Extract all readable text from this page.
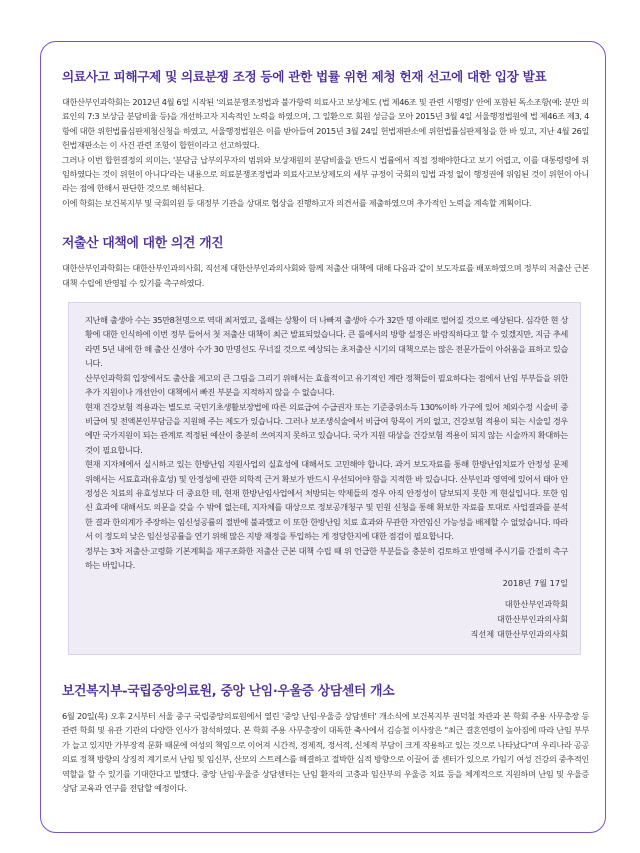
의료사고 피해구제 및 의료분쟁 조정 등에 관한 법률 위헌 제청 헌재 선고에 대한 입장 발표

대한산부인과학회는 2012년 4월 6일 시작된 '의료분쟁조정법과 불가항력 의료사고 보상제도 (법 제46조 및 관련 시행령)' 안에 포함된 독소조항(예: 분만 의료인의 7:3 보상금 분담비율 등)을 개선하고자 지속적인 노력을 하였으며, 그 일환으로 회원 성금을 모아 2015년 3월 4일 서울행정법원에 법 제46조 제3, 4항에 대한 위헌법률심판제청신청을 하였고, 서울행정법원은 이를 받아들여 2015년 3월 24일 헌법재판소에 위헌법률심판제청을 한 바 있고, 지난 4월 26일 헌법재판소는 이 사건 관련 조항이 합헌이라고 선고하였다.

그러나 이번 합헌결정의 의미는, '분담금 납부의무자의 범위와 보상재원의 분담비율을 반드시 법률에서 직접 정해야한다고 보기 어렵고, 이를 대통령령에 위임하였다는 것이 위헌이 아니다'라는 내용으로 의료분쟁조정법과 의료사고보상제도의 세부 규정이 국회의 입법 과정 없이 행정권에 위임된 것이 위헌이 아니라는 점에 한해서 판단한 것으로 해석된다.

이에 학회는 보건복지부 및 국회의원 등 대정부 기관을 상대로 협상을 진행하고자 의견서를 제출하였으며 추가적인 노력을 계속할 계획이다.

저출산 대책에 대한 의견 개진

대한산부인과학회는 대한산부인과의사회, 직선제 대한산부인과의사회와 함께 저출산 대책에 대해 다음과 같이 보도자료를 배포하였으며 정부의 저출산 근본 대책 수립에 반영될 수 있기를 촉구하였다.

지난해 출생아 수는 35만8천명으로 역대 최저였고, 올해는 상황이 더 나빠져 출생아 수가 32만 명 아래로 떨어질 것으로 예상된다. 심각한 현 상황에 대한 인식하에 이번 정부 들어서 첫 저출산 대책이 최근 발표되었습니다. 큰 틀에서의 방향 설정은 바람직하다고 할 수 있겠지만, 지금 추세라면 5년 내에 한 해 출산 신생아 수가 30 만명선도 무너질 것으로 예상되는 초저출산 시기의 대책으로는 많은 전문가들이 아쉬움을 표하고 있습니다.

산부인과학회 입장에서도 출산율 제고의 큰 그림을 그리기 위해서는 효율적이고 유기적인 계란 정책들이 필요하다는 점에서 난임 부부들을 위한 추가 지원이나 개선안이 대책에서 빠진 부분을 지적하지 않을 수 없습니다.

현재 건강보험 적용과는 별도로 국민기초생활보장법에 따른 의료급여 수급권자 또는 기준중위소득 130%이하 가구에 있어 체외수정 시술비 중 비급여 및 전액본인부담금을 지원해 주는 제도가 있습니다. 그러나 보조생식술에서 비급여 항목이 거의 없고, 건강보험 적용이 되는 시술일 경우에만 국가지원이 되는 관계로 적정된 예산이 충분히 쓰여지지 못하고 있습니다. 국가 지원 대상을 건강보험 적용이 되지 않는 시술까지 확대하는 것이 필요합니다.

현재 지자체에서 실시하고 있는 한방난임 지원사업의 실효성에 대해서도 고민해야 합니다. 과거 보도자료를 통해 한방난임치료가 안정성 문제 위해서는 서료효과(유효성) 및 안정성에 관한 의학적 근거 확보가 반드시 우선되어야 함을 지적한 바 있습니다. 산부인과 영역에 있어서 태아 안정성은 치료의 유효성보다 더 중요한 데, 현재 한방난임사업에서 처방되는 약제들의 경우 아직 안정성이 담보되지 못한 게 현실입니다. 또한 임신 효과에 대해서도 의문을 갖을 수 밖에 없는데, 지자체를 대상으로 정보공개청구 및 민원 신청을 통해 확보한 자료를 토대로 사업결과를 분석한 결과 한의계가 주장하는 임신성공률의 절반에 불과했고 이 또한 한방난임 치료 효과와 무관한 자연임신 가능성을 배제할 수 없었습니다. 따라서 이 정도의 낮은 임신성공률을 연기 위해 많은 지방 재정을 투입하는 게 정당한지에 대한 점검이 필요합니다.

정부는 3차 저출산·고령화 기본계획을 재구조화한 저출산 근본 대책 수립 때 위 언급한 부분들을 충분히 검토하고 반영해 주시기를 간절히 촉구하는 바입니다.

2018년 7월 17일
대한산부인과학회
대한산부인과의사회
직선제 대한산부인과의사회
보건복지부-국립중앙의료원, 중앙 난임·우울증 상담센터 개소

6월 20일(목) 오후 2시부터 서울 중구 국립중앙의료원에서 열린 '중앙 난임·우울증 상담센터' 개소식에 보건복지부 권덕철 차관과 본 학회 주용 사무총장 등 관련 학회 및 유관 기관의 다양한 인사가 참석하였다. 본 학회 주용 사무총장이 대독한 축사에서 김승철 이사장은 "최근 결혼연령이 높아짐에 따라 난임 부부가 늘고 있지만 가부장적 문화 때문에 여성의 책임으로 이어져 시간적, 경제적, 정서적, 신체적 부담이 크게 작용하고 있는 것으로 나타났다"며 우리나라 공공의료 정책 방향의 상징적 계기로서 난임 및 임신부, 산모의 스트레스를 해결하고 절박한 심적 방향으로 이끌어 줄 센터가 있으로 가임기 여성 건강의 중추적인 역할을 할 수 있기를 기대한다고 말했다. 중앙 난임·우울증 상담센터는 난임 환자의 고충과 임산부의 우울증 치료 등을 체계적으로 지원하며 난임 및 우울증 상담 교육과 연구를 전담할 예정이다.
